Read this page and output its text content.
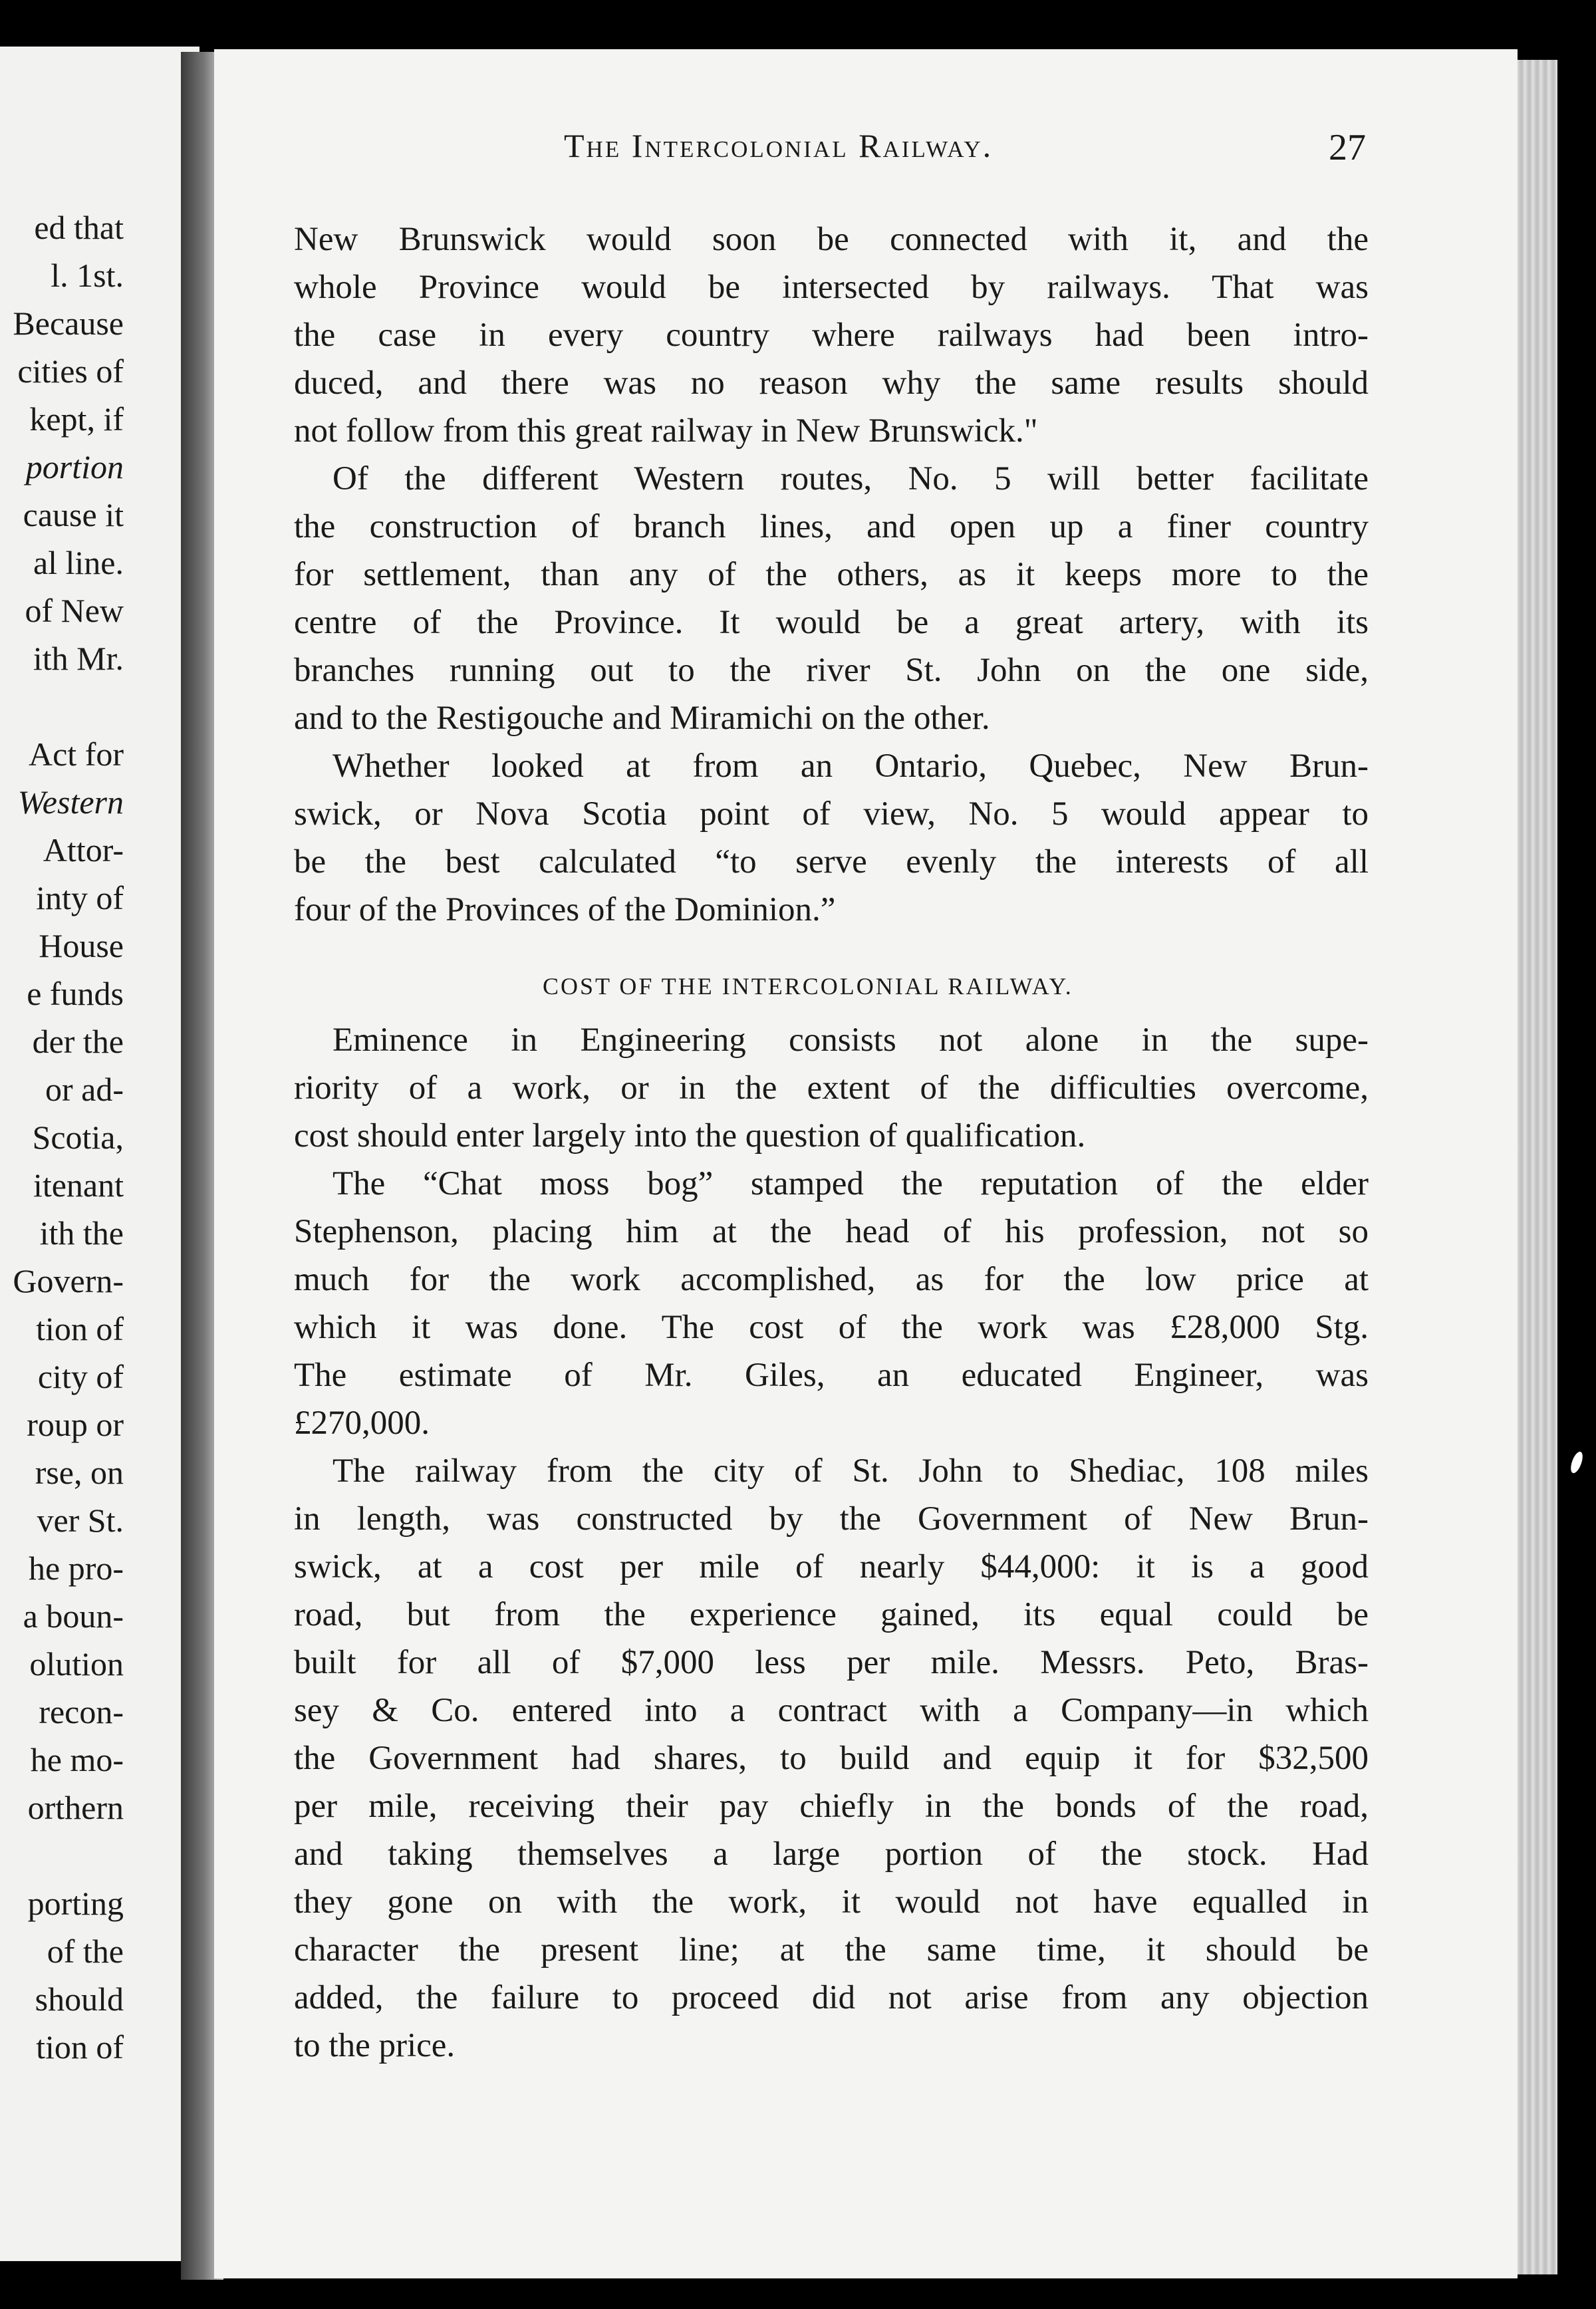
ed that
l. 1st.
Because
cities of
kept, if
portion
cause it
al line.
of New
ith Mr.
Act for
Western
Attor-
inty of
House
e funds
der the
or ad-
Scotia,
itenant
ith the
Govern-
tion of
city of
roup or
rse, on
ver St.
he pro-
a boun-
olution
recon-
he mo-
orthern
porting
of the
should
tion of
The Intercolonial Railway.	27
New Brunswick would soon be connected with it, and the
whole Province would be intersected by railways. That was
the case in every country where railways had been intro-
duced, and there was no reason why the same results should
not follow from this great railway in New Brunswick."
Of the different Western routes, No. 5 will better facilitate
the construction of branch lines, and open up a finer country
for settlement, than any of the others, as it keeps more to the
centre of the Province. It would be a great artery, with its
branches running out to the river St. John on the one side,
and to the Restigouche and Miramichi on the other.
Whether looked at from an Ontario, Quebec, New Brun-
swick, or Nova Scotia point of view, No. 5 would appear to
be the best calculated “to serve evenly the interests of all
four of the Provinces of the Dominion.”
COST OF THE INTERCOLONIAL RAILWAY.
Eminence in Engineering consists not alone in the supe-
riority of a work, or in the extent of the difficulties overcome,
cost should enter largely into the question of qualification.
The “Chat moss bog” stamped the reputation of the elder
Stephenson, placing him at the head of his profession, not so
much for the work accomplished, as for the low price at
which it was done. The cost of the work was £28,000 Stg.
The estimate of Mr. Giles, an educated Engineer, was
£270,000.
The railway from the city of St. John to Shediac, 108 miles
in length, was constructed by the Government of New Brun-
swick, at a cost per mile of nearly $44,000: it is a good
road, but from the experience gained, its equal could be
built for all of $7,000 less per mile. Messrs. Peto, Bras-
sey & Co. entered into a contract with a Company—in which
the Government had shares, to build and equip it for $32,500
per mile, receiving their pay chiefly in the bonds of the road,
and taking themselves a large portion of the stock. Had
they gone on with the work, it would not have equalled in
character the present line; at the same time, it should be
added, the failure to proceed did not arise from any objection
to the price.
